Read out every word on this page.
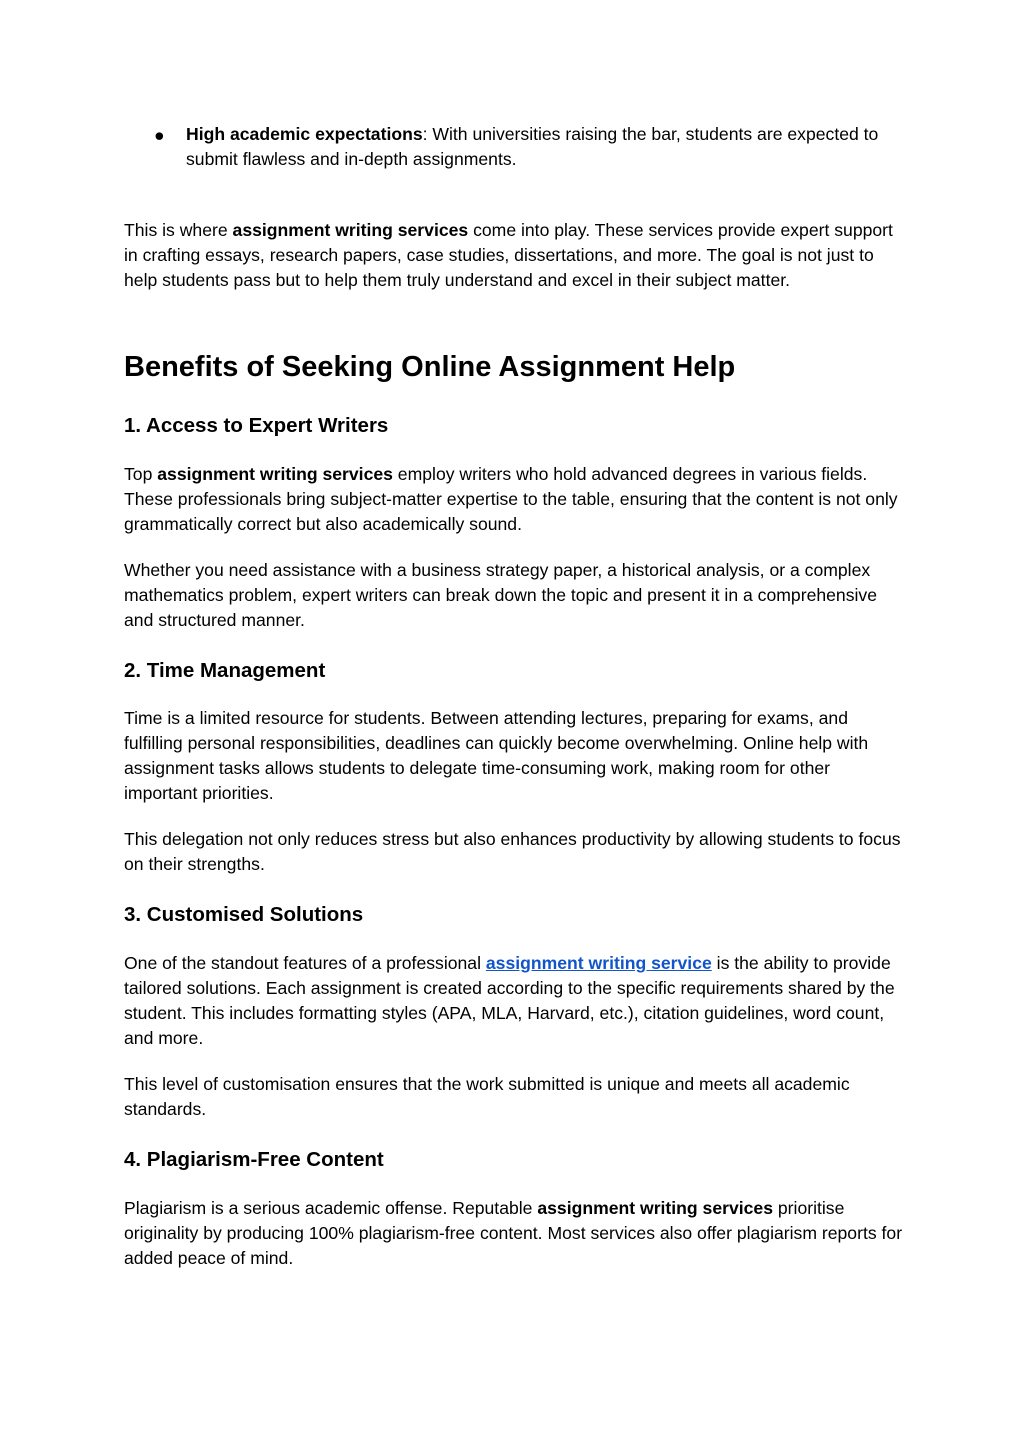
● High academic expectations: With universities raising the bar, students are expected to submit flawless and in-depth assignments.

This is where assignment writing services come into play. These services provide expert support in crafting essays, research papers, case studies, dissertations, and more. The goal is not just to help students pass but to help them truly understand and excel in their subject matter.

Benefits of Seeking Online Assignment Help
1. Access to Expert Writers

Top assignment writing services employ writers who hold advanced degrees in various fields. These professionals bring subject-matter expertise to the table, ensuring that the content is not only grammatically correct but also academically sound.

Whether you need assistance with a business strategy paper, a historical analysis, or a complex mathematics problem, expert writers can break down the topic and present it in a comprehensive and structured manner.

2. Time Management

Time is a limited resource for students. Between attending lectures, preparing for exams, and fulfilling personal responsibilities, deadlines can quickly become overwhelming. Online help with assignment tasks allows students to delegate time-consuming work, making room for other important priorities.

This delegation not only reduces stress but also enhances productivity by allowing students to focus on their strengths.

3. Customised Solutions

One of the standout features of a professional assignment writing service is the ability to provide tailored solutions. Each assignment is created according to the specific requirements shared by the student. This includes formatting styles (APA, MLA, Harvard, etc.), citation guidelines, word count, and more.

This level of customisation ensures that the work submitted is unique and meets all academic standards.

4. Plagiarism-Free Content

Plagiarism is a serious academic offense. Reputable assignment writing services prioritise originality by producing 100% plagiarism-free content. Most services also offer plagiarism reports for added peace of mind.
